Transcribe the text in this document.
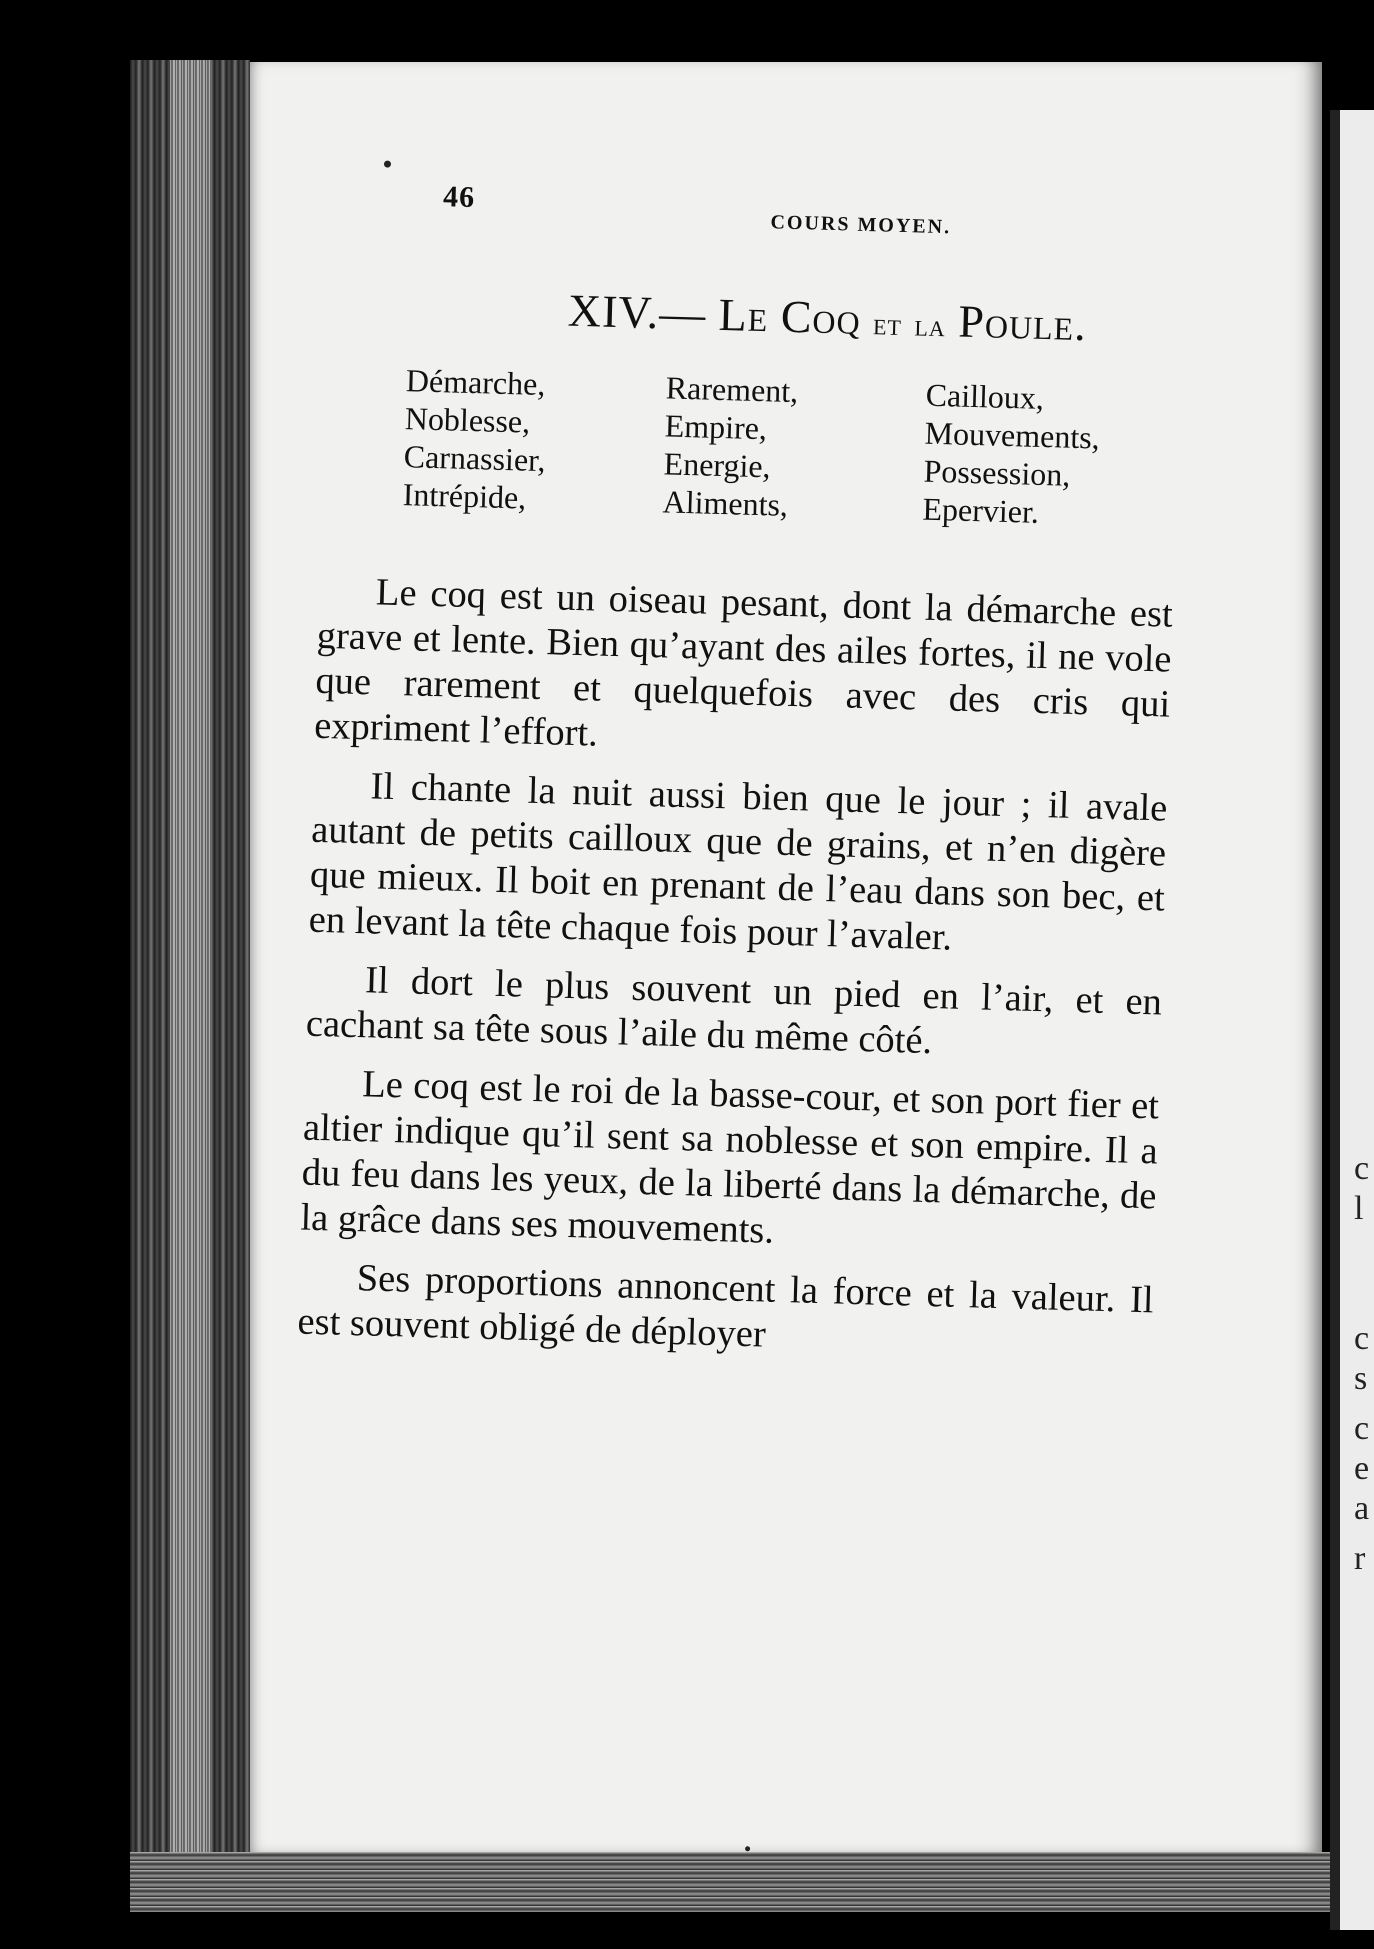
c
l
c
s
c
e
a
r
46
COURS MOYEN.
XIV.— Le Coq et la Poule.
Démarche,
Noblesse,
Carnassier,
Intrépide,
Rarement,
Empire,
Energie,
Aliments,
Cailloux,
Mouvements,
Possession,
Epervier.

Le coq est un oiseau pesant, dont la démarche est grave et lente. Bien qu’ayant des ailes fortes, il ne vole que rarement et quelquefois avec des cris qui expriment l’effort.

Il chante la nuit aussi bien que le jour ; il avale autant de petits cailloux que de grains, et n’en digère que mieux. Il boit en prenant de l’eau dans son bec, et en levant la tête chaque fois pour l’avaler.

Il dort le plus souvent un pied en l’air, et en cachant sa tête sous l’aile du même côté.

Le coq est le roi de la basse-cour, et son port fier et altier indique qu’il sent sa noblesse et son empire. Il a du feu dans les yeux, de la liberté dans la démarche, de la grâce dans ses mouvements.

Ses proportions annoncent la force et la valeur. Il est souvent obligé de déployer
